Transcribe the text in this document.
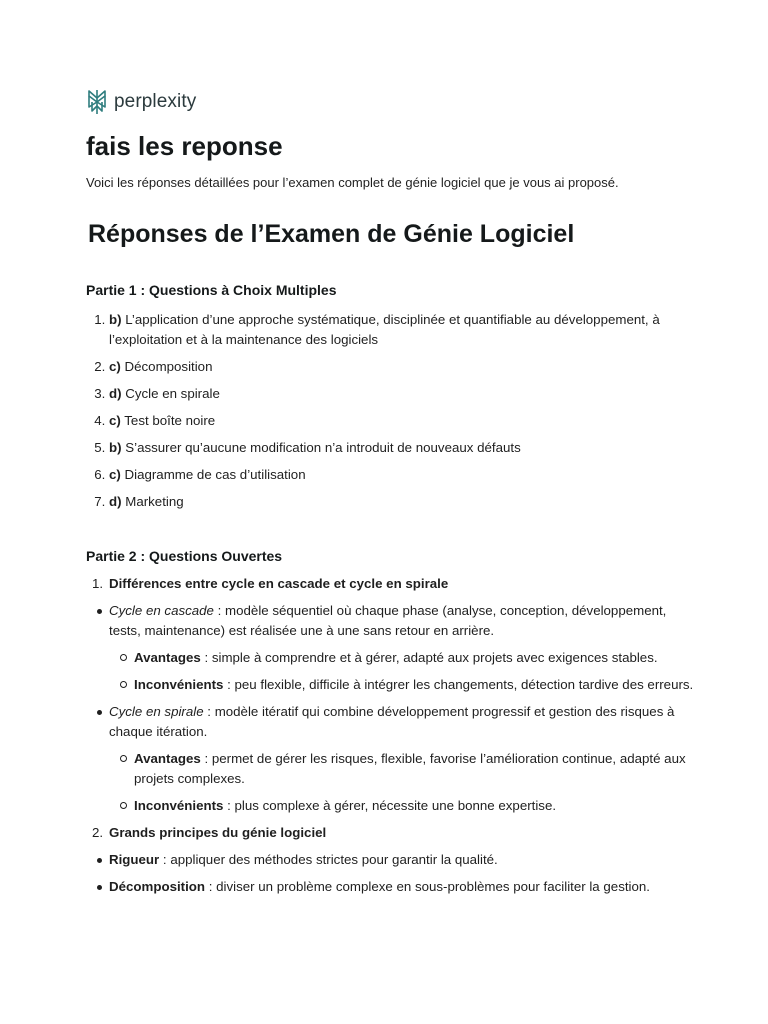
perplexity
fais les reponse

Voici les réponses détaillées pour l’examen complet de génie logiciel que je vous ai proposé.

Réponses de l’Examen de Génie Logiciel
Partie 1 : Questions à Choix Multiples
1. b) L’application d’une approche systématique, disciplinée et quantifiable au développement, à l’exploitation et à la maintenance des logiciels
2. c) Décomposition
3. d) Cycle en spirale
4. c) Test boîte noire
5. b) S’assurer qu’aucune modification n’a introduit de nouveaux défauts
6. c) Diagramme de cas d’utilisation
7. d) Marketing
Partie 2 : Questions Ouvertes
1. Différences entre cycle en cascade et cycle en spirale
Cycle en cascade : modèle séquentiel où chaque phase (analyse, conception, développement, tests, maintenance) est réalisée une à une sans retour en arrière.
Avantages : simple à comprendre et à gérer, adapté aux projets avec exigences stables.
Inconvénients : peu flexible, difficile à intégrer les changements, détection tardive des erreurs.
Cycle en spirale : modèle itératif qui combine développement progressif et gestion des risques à chaque itération.
Avantages : permet de gérer les risques, flexible, favorise l’amélioration continue, adapté aux projets complexes.
Inconvénients : plus complexe à gérer, nécessite une bonne expertise.
2. Grands principes du génie logiciel
Rigueur : appliquer des méthodes strictes pour garantir la qualité.
Décomposition : diviser un problème complexe en sous-problèmes pour faciliter la gestion.
